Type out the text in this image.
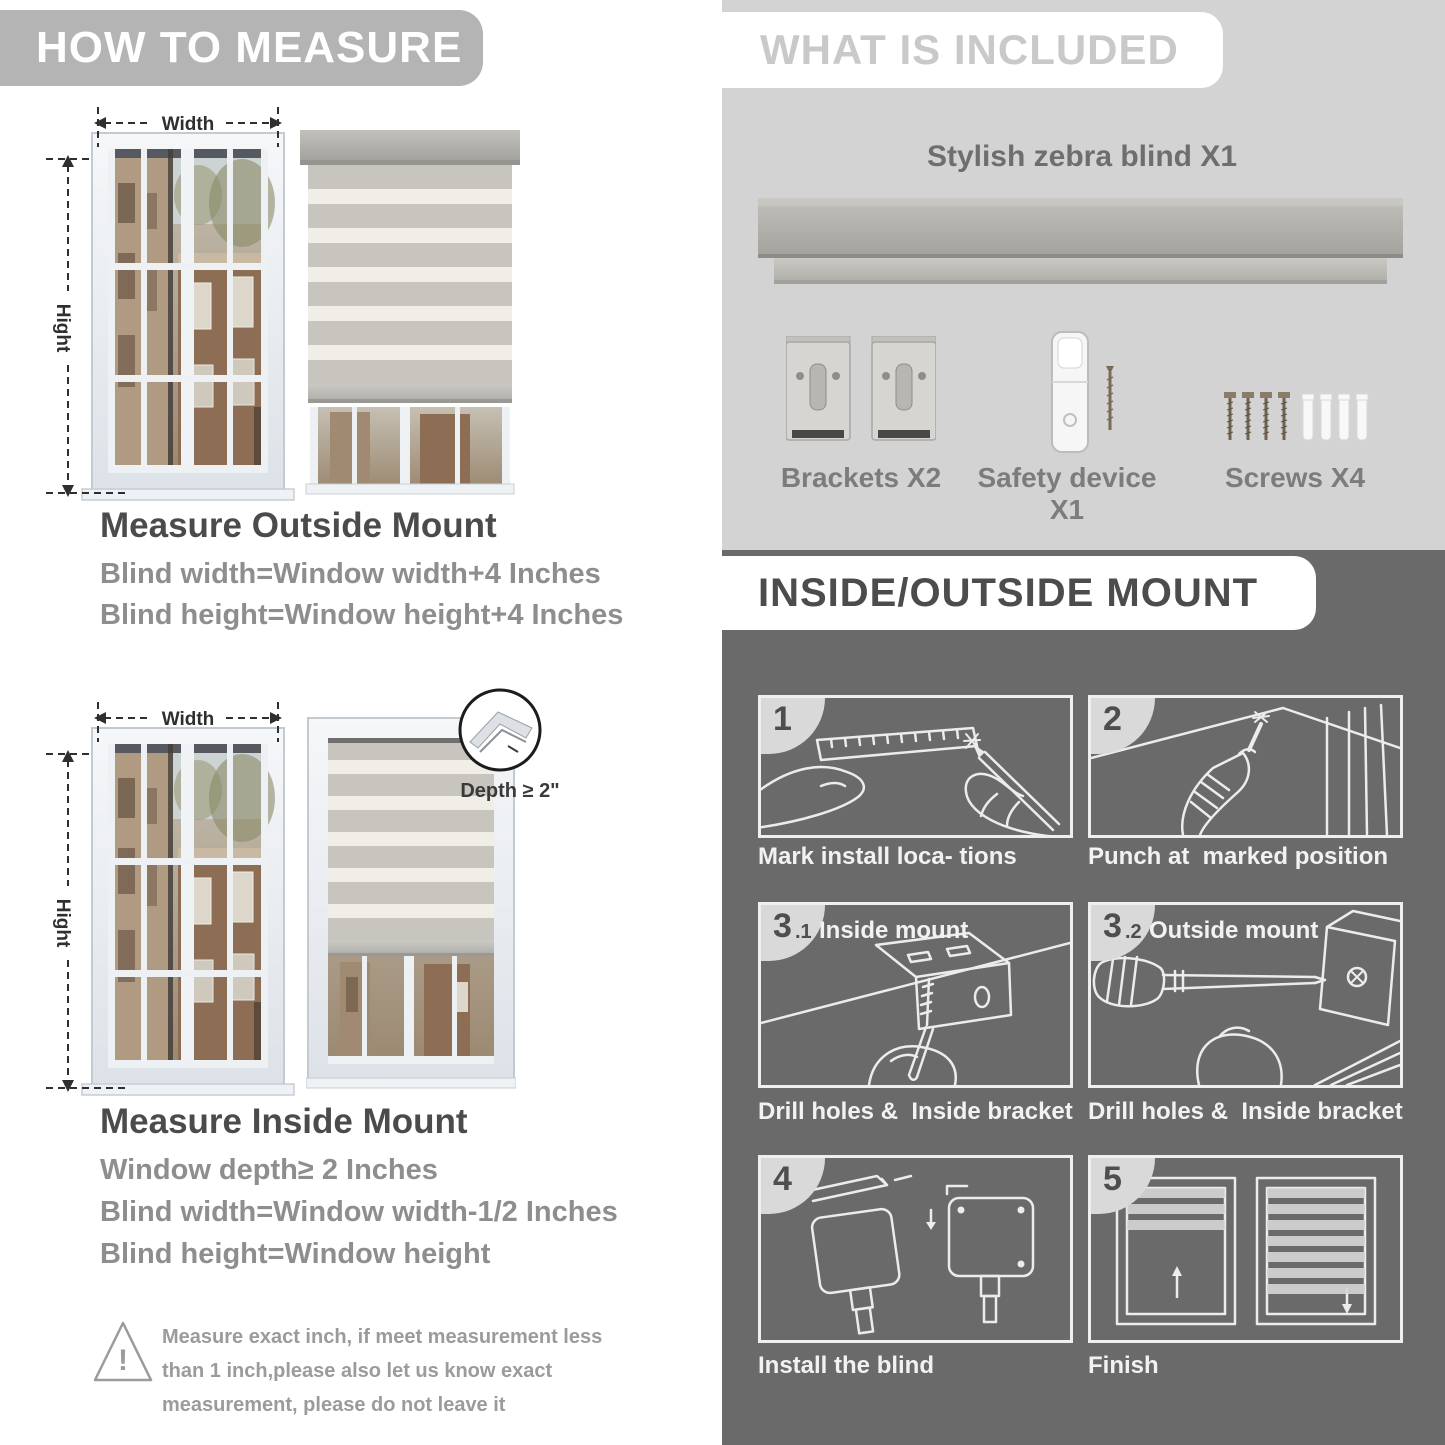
HOW TO MEASURE
Width
Hight
Measure Outside Mount
Blind width=Window width+4 Inches
Blind height=Window height+4 Inches
Width
Hight
Depth ≥ 2"
Measure Inside Mount
Window depth≥ 2 Inches
Blind width=Window width-1/2 Inches
Blind height=Window height
!
Measure exact inch, if meet measurement less than 1 inch,please also let us know exact measurement, please do not leave it
WHAT IS INCLUDED
Stylish zebra blind X1
Brackets X2	Safety device X1
Screws X4
INSIDE/OUTSIDE MOUNT
1	2
3 .1 Inside mount	3 .2 Outside mount
4	5
Mark install loca- tions	Punch at  marked position
Drill holes &  Inside bracket Drill holes &  Inside bracket
Install the blind	Finish
